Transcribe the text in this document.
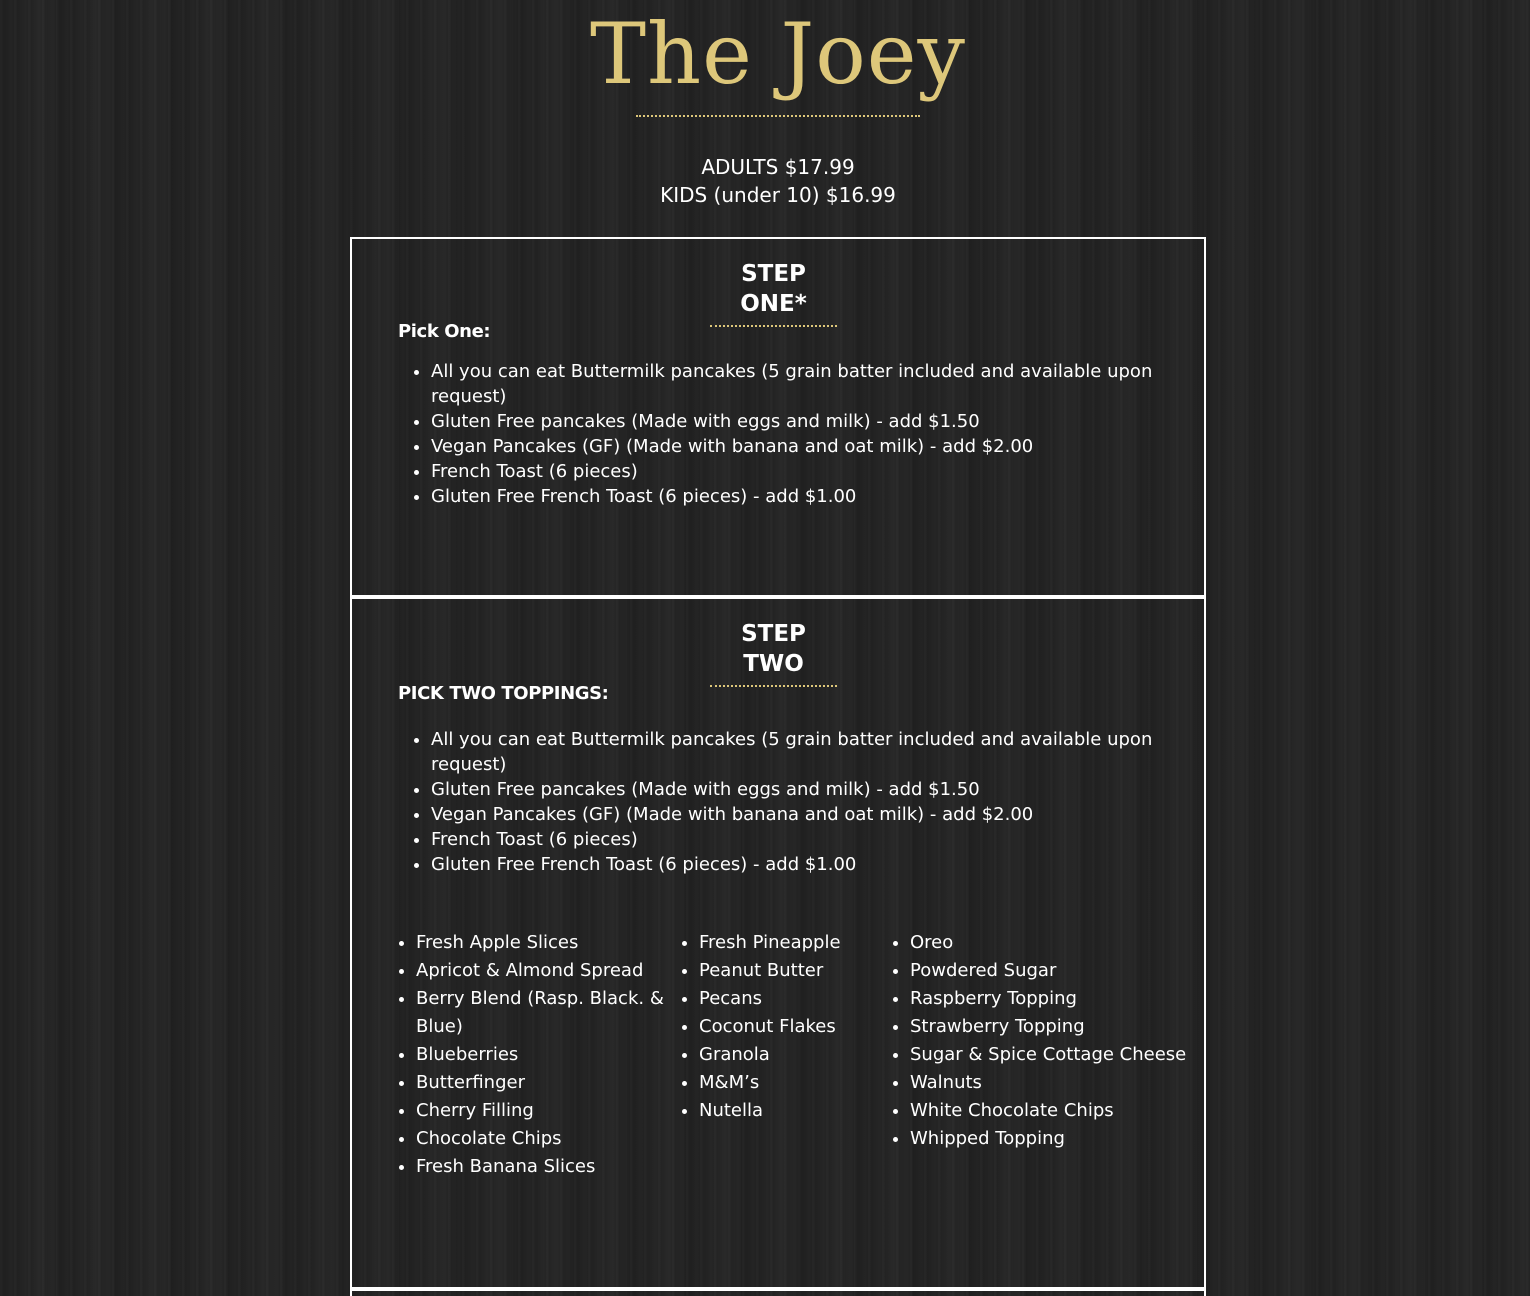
The Joey
ADULTS $17.99
KIDS (under 10) $16.99
STEP ONE*
Pick One:
• All you can eat Buttermilk pancakes (5 grain batter included and available upon request)
• Gluten Free pancakes (Made with eggs and milk) - add $1.50
• Vegan Pancakes (GF) (Made with banana and oat milk) - add $2.00
• French Toast (6 pieces)
• Gluten Free French Toast (6 pieces) - add $1.00
STEP TWO
PICK TWO TOPPINGS:
• All you can eat Buttermilk pancakes (5 grain batter included and available upon request)
• Gluten Free pancakes (Made with eggs and milk) - add $1.50
• Vegan Pancakes (GF) (Made with banana and oat milk) - add $2.00
• French Toast (6 pieces)
• Gluten Free French Toast (6 pieces) - add $1.00
• Fresh Apple Slices
• Apricot & Almond Spread
• Berry Blend (Rasp. Black. & Blue)
• Blueberries
• Butterfinger
• Cherry Filling
• Chocolate Chips
• Fresh Banana Slices
• Fresh Pineapple
• Peanut Butter
• Pecans
• Coconut Flakes
• Granola
• M&M’s
• Nutella
• Oreo
• Powdered Sugar
• Raspberry Topping
• Strawberry Topping
• Sugar & Spice Cottage Cheese
• Walnuts
• White Chocolate Chips
• Whipped Topping
